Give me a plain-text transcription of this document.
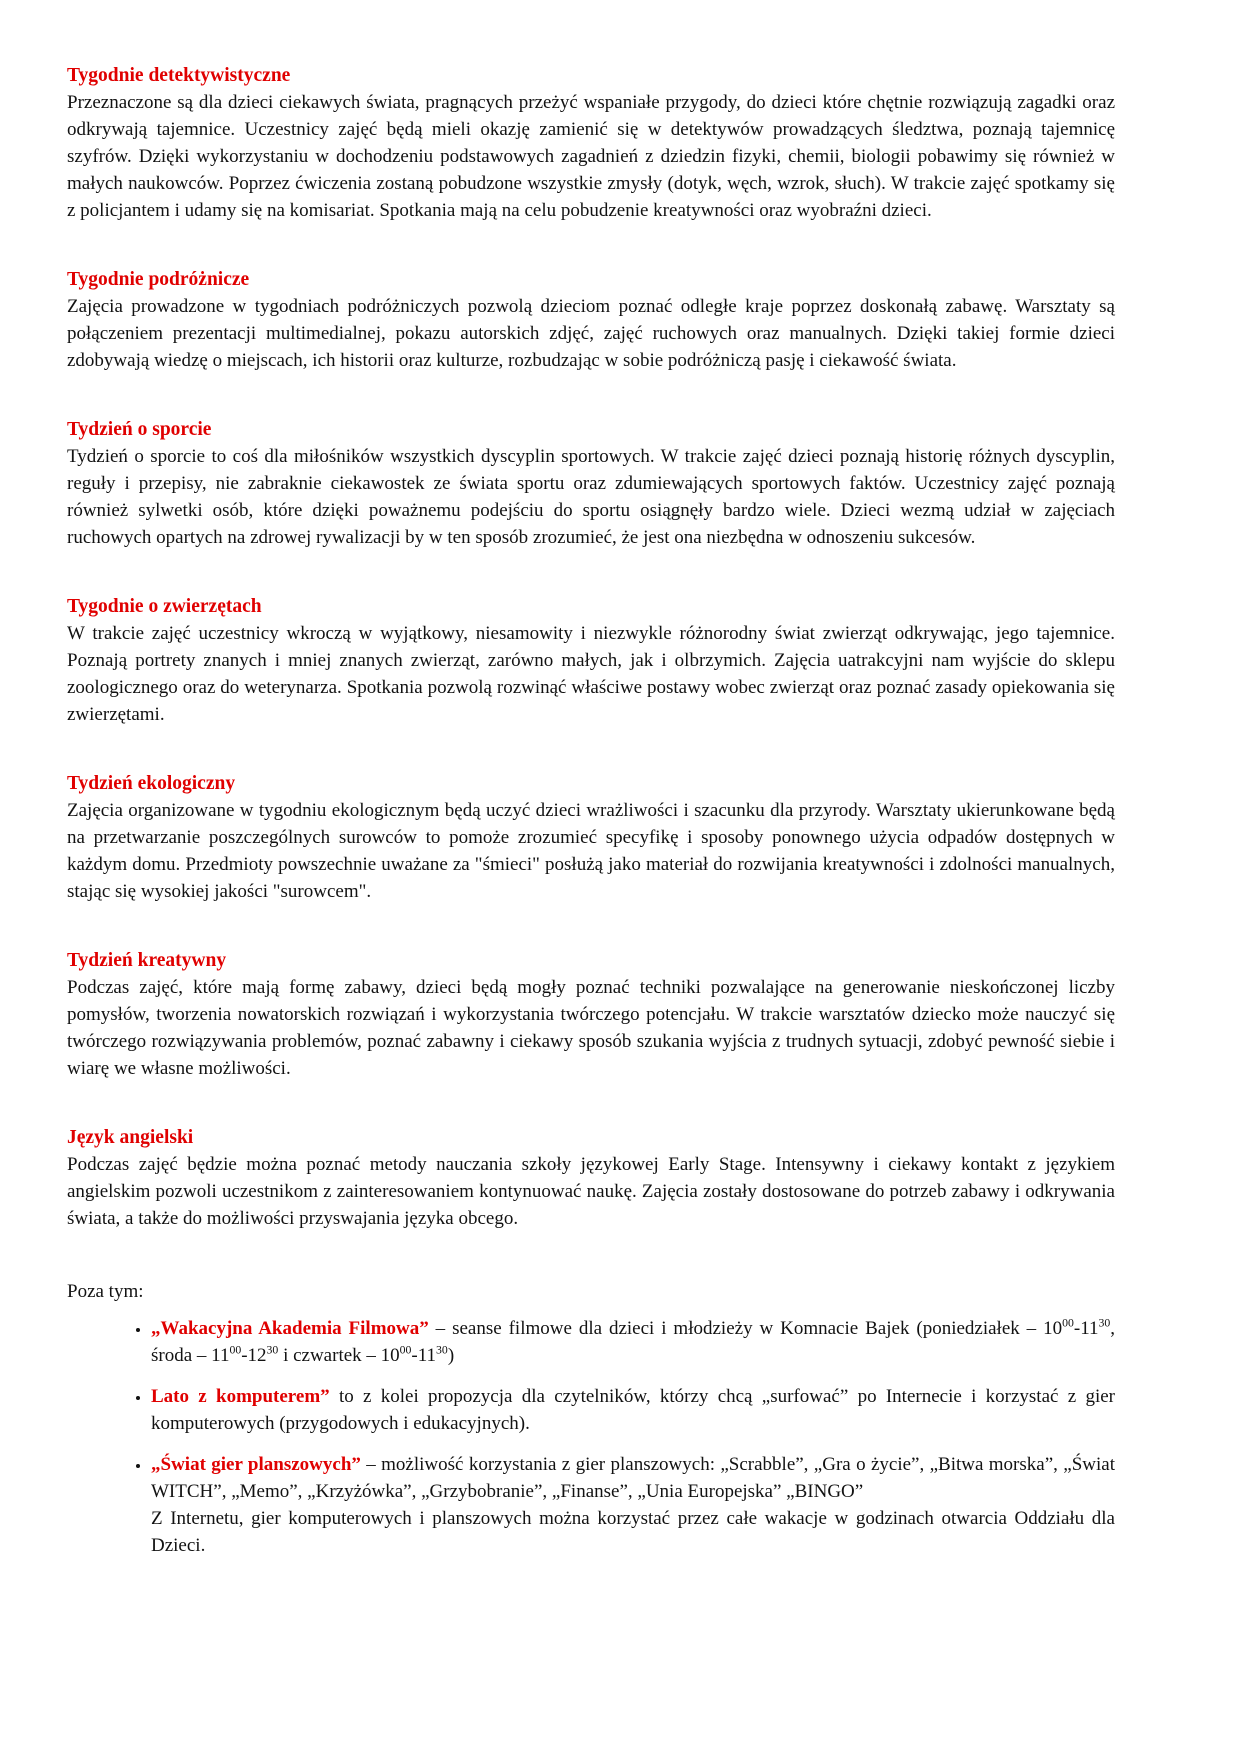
Tygodnie detektywistyczne

Przeznaczone są dla dzieci ciekawych świata, pragnących przeżyć wspaniałe przygody, do dzieci które chętnie rozwiązują zagadki oraz odkrywają tajemnice. Uczestnicy zajęć będą mieli okazję zamienić się w detektywów prowadzących śledztwa, poznają tajemnicę szyfrów. Dzięki wykorzystaniu w dochodzeniu podstawowych zagadnień z dziedzin fizyki, chemii, biologii pobawimy się również w małych naukowców. Poprzez ćwiczenia zostaną pobudzone wszystkie zmysły (dotyk, węch, wzrok, słuch). W trakcie zajęć spotkamy się z policjantem i udamy się na komisariat. Spotkania mają na celu pobudzenie kreatywności oraz wyobraźni dzieci.

Tygodnie podróżnicze

Zajęcia prowadzone w tygodniach podróżniczych pozwolą dzieciom poznać odległe kraje poprzez doskonałą zabawę. Warsztaty są połączeniem prezentacji multimedialnej, pokazu autorskich zdjęć, zajęć ruchowych oraz manualnych. Dzięki takiej formie dzieci zdobywają wiedzę o miejscach, ich historii oraz kulturze, rozbudzając w sobie podróżniczą pasję i ciekawość świata.

Tydzień o sporcie

Tydzień o sporcie to coś dla miłośników wszystkich dyscyplin sportowych. W trakcie zajęć dzieci poznają historię różnych dyscyplin, reguły i przepisy, nie zabraknie ciekawostek ze świata sportu oraz zdumiewających sportowych faktów. Uczestnicy zajęć poznają również sylwetki osób, które dzięki poważnemu podejściu do sportu osiągnęły bardzo wiele. Dzieci wezmą udział w zajęciach ruchowych opartych na zdrowej rywalizacji by w ten sposób zrozumieć, że jest ona niezbędna w odnoszeniu sukcesów.

Tygodnie o zwierzętach

W trakcie zajęć uczestnicy wkroczą w wyjątkowy, niesamowity i niezwykle różnorodny świat zwierząt odkrywając, jego tajemnice. Poznają portrety znanych i mniej znanych zwierząt, zarówno małych, jak i olbrzymich. Zajęcia uatrakcyjni nam wyjście do sklepu zoologicznego oraz do weterynarza. Spotkania pozwolą rozwinąć właściwe postawy wobec zwierząt oraz poznać zasady opiekowania się zwierzętami.

Tydzień ekologiczny

Zajęcia organizowane w tygodniu ekologicznym będą uczyć dzieci wrażliwości i szacunku dla przyrody. Warsztaty ukierunkowane będą na przetwarzanie poszczególnych surowców to pomoże zrozumieć specyfikę i sposoby ponownego użycia odpadów dostępnych w każdym domu. Przedmioty powszechnie uważane za "śmieci" posłużą jako materiał do rozwijania kreatywności i zdolności manualnych, stając się wysokiej jakości "surowcem".

Tydzień kreatywny

Podczas zajęć, które mają formę zabawy, dzieci będą mogły poznać techniki pozwalające na generowanie nieskończonej liczby pomysłów, tworzenia nowatorskich rozwiązań i wykorzystania twórczego potencjału. W trakcie warsztatów dziecko może nauczyć się twórczego rozwiązywania problemów, poznać zabawny i ciekawy sposób szukania wyjścia z trudnych sytuacji, zdobyć pewność siebie i wiarę we własne możliwości.

Język angielski

Podczas zajęć będzie można poznać metody nauczania szkoły językowej Early Stage. Intensywny i ciekawy kontakt z językiem angielskim pozwoli uczestnikom z zainteresowaniem kontynuować naukę. Zajęcia zostały dostosowane do potrzeb zabawy i odkrywania świata, a także do możliwości przyswajania języka obcego.

Poza tym:

• „Wakacyjna Akademia Filmowa” – seanse filmowe dla dzieci i młodzieży w Komnacie Bajek (poniedziałek – $10^{00}-11^{30}$, środa – $11^{00}-12^{30}$ i czwartek – $10^{00}-11^{30}$)
• Lato z komputerem” to z kolei propozycja dla czytelników, którzy chcą „surfować” po Internecie i korzystać z gier komputerowych (przygodowych i edukacyjnych).
• „Świat gier planszowych” – możliwość korzystania z gier planszowych: „Scrabble”, „Gra o życie”, „Bitwa morska”, „Świat WITCH”, „Memo”, „Krzyżówka”, „Grzybobranie”, „Finanse”, „Unia Europejska” „BINGO”
Z Internetu, gier komputerowych i planszowych można korzystać przez całe wakacje w godzinach otwarcia Oddziału dla Dzieci.
